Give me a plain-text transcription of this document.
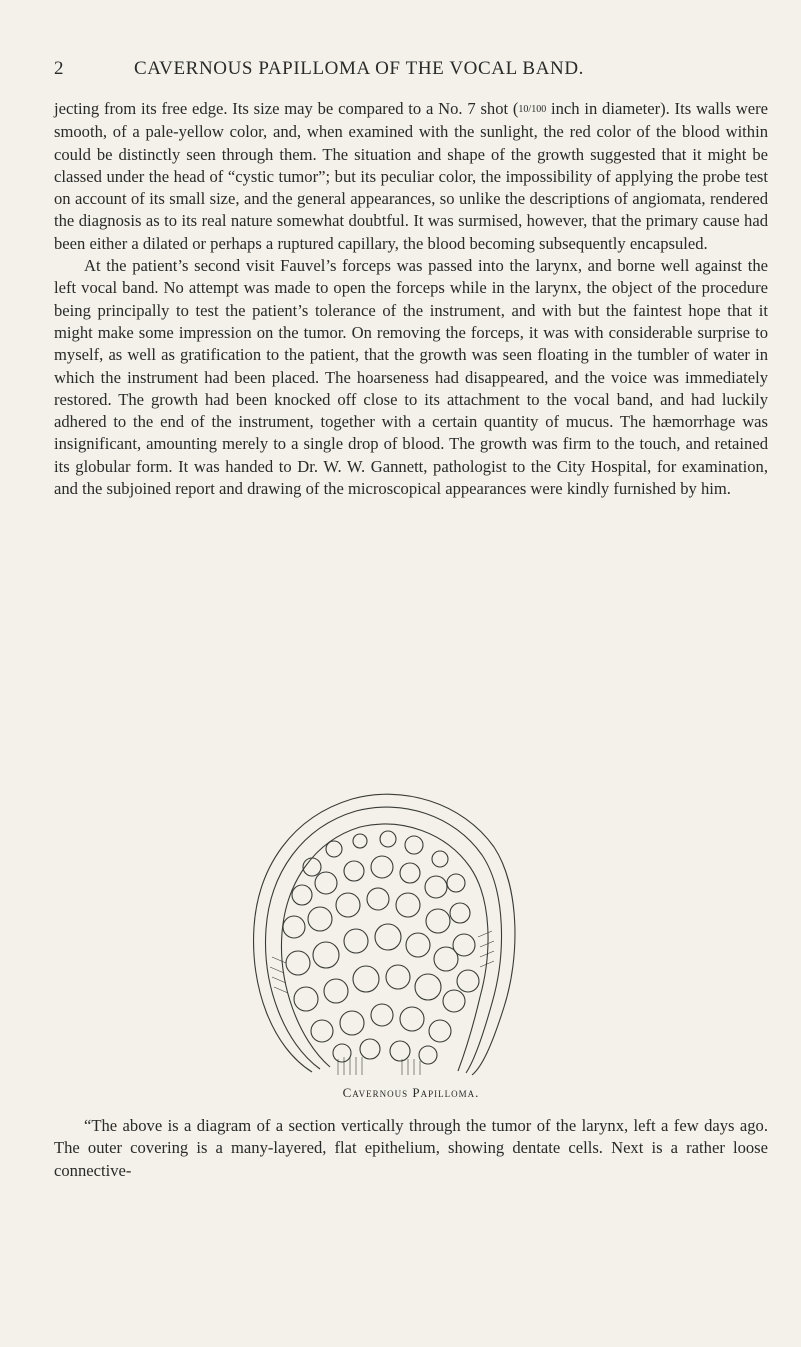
2	CAVERNOUS PAPILLOMA OF THE VOCAL BAND.

jecting from its free edge. Its size may be compared to a No. 7 shot (10/100 inch in diameter). Its walls were smooth, of a pale-yellow color, and, when examined with the sunlight, the red color of the blood within could be distinctly seen through them. The situation and shape of the growth suggested that it might be classed under the head of “cystic tumor”; but its peculiar color, the impossibility of applying the probe test on account of its small size, and the general appearances, so unlike the descriptions of angiomata, rendered the diagnosis as to its real nature somewhat doubtful. It was surmised, however, that the primary cause had been either a dilated or perhaps a ruptured capillary, the blood becoming subsequently encapsuled.

At the patient’s second visit Fauvel’s forceps was passed into the larynx, and borne well against the left vocal band. No attempt was made to open the forceps while in the larynx, the object of the procedure being principally to test the patient’s tolerance of the instrument, and with but the faintest hope that it might make some impression on the tumor. On removing the forceps, it was with considerable surprise to myself, as well as gratification to the patient, that the growth was seen floating in the tumbler of water in which the instrument had been placed. The hoarseness had disappeared, and the voice was immediately restored. The growth had been knocked off close to its attachment to the vocal band, and had luckily adhered to the end of the instrument, together with a certain quantity of mucus. The hæmorrhage was insignificant, amounting merely to a single drop of blood. The growth was firm to the touch, and retained its globular form. It was handed to Dr. W. W. Gannett, pathologist to the City Hospital, for examination, and the subjoined report and drawing of the microscopical appearances were kindly furnished by him.

Cavernous Papilloma.

“The above is a diagram of a section vertically through the tumor of the larynx, left a few days ago. The outer covering is a many-layered, flat epithelium, showing dentate cells. Next is a rather loose connective-
